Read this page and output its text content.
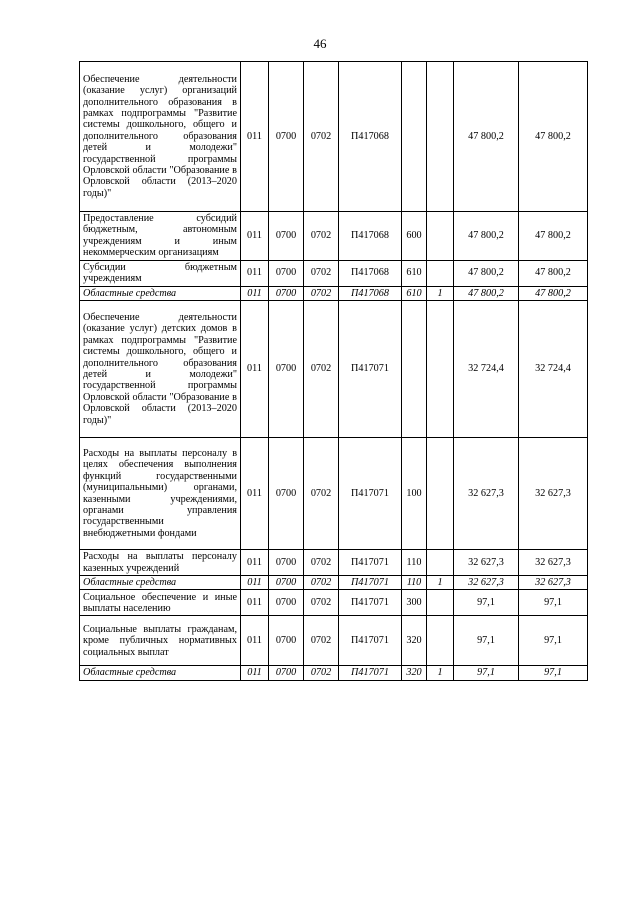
46
Обеспечение деятельности (оказание услуг) организаций дополнительного образования в рамках подпрограммы "Развитие системы дошкольного, общего и дополнительного образования детей и молодежи" государственной программы Орловской области "Образование в Орловской области (2013–2020 годы)"	011	0700	0702	П417068			47 800,2	47 800,2
Предоставление субсидий бюджетным, автономным учреждениям и иным некоммерческим организациям	011	0700	0702	П417068	600		47 800,2	47 800,2
Субсидии бюджетным учреждениям	011	0700	0702	П417068	610		47 800,2	47 800,2
Областные средства	011	0700	0702	П417068	610	1	47 800,2	47 800,2
Обеспечение деятельности (оказание услуг) детских домов в рамках подпрограммы "Развитие системы дошкольного, общего и дополнительного образования детей и молодежи" государственной программы Орловской области "Образование в Орловской области (2013–2020 годы)"	011	0700	0702	П417071			32 724,4	32 724,4
Расходы на выплаты персоналу в целях обеспечения выполнения функций государственными (муниципальными) органами, казенными учреждениями, органами управления государственными внебюджетными фондами	011	0700	0702	П417071	100		32 627,3	32 627,3
Расходы на выплаты персоналу казенных учреждений	011	0700	0702	П417071	110		32 627,3	32 627,3
Областные средства	011	0700	0702	П417071	110	1	32 627,3	32 627,3
Социальное обеспечение и иные выплаты населению	011	0700	0702	П417071	300		97,1	97,1
Социальные выплаты гражданам, кроме публичных нормативных социальных выплат	011	0700	0702	П417071	320		97,1	97,1
Областные средства	011	0700	0702	П417071	320	1	97,1	97,1
